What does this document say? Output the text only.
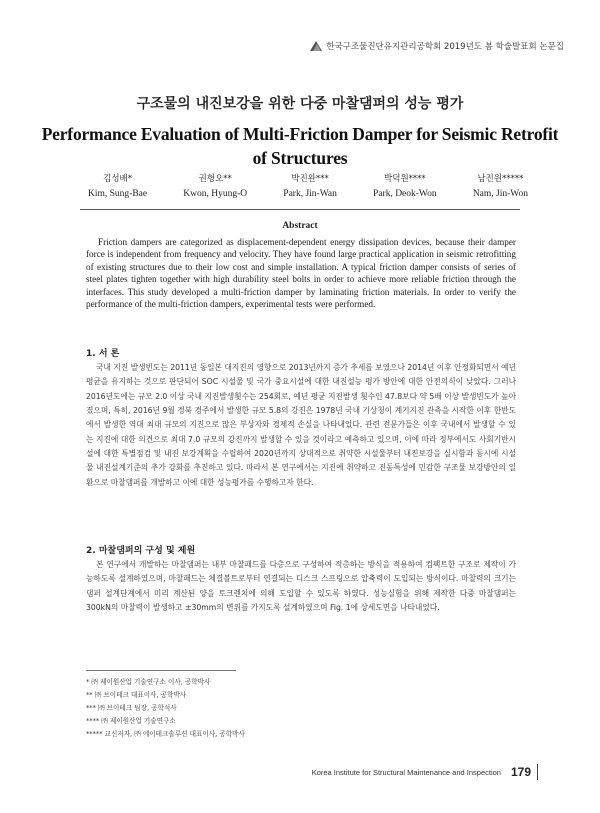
한국구조물진단유지관리공학회 2019년도 봄 학술발표회 논문집
구조물의 내진보강을 위한 다중 마찰댐퍼의 성능 평가
Performance Evaluation of Multi-Friction Damper for Seismic Retrofit of Structures
김성배*
Kim, Sung-Bae
권형오**
Kwon, Hyung-O
박진완***
Park, Jin-Wan
박덕원****
Park, Deok-Won
남진원*****
Nam, Jin-Won
Abstract

Friction dampers are categorized as displacement-dependent energy dissipation devices, because their damper force is independent from frequency and velocity. They have found large practical application in seismic retrofitting of existing structures due to their low cost and simple installation. A typical friction damper consists of series of steel plates tighten together with high durability steel bolts in order to achieve more reliable friction through the interfaces. This study developed a multi-friction damper by laminating friction materials. In order to verify the performance of the multi-friction dampers, experimental tests were performed.

1. 서 론

국내 지진 발생빈도는 2011년 동일본 대지진의 영향으로 2013년까지 증가 추세를 보였으나 2014년 이후 안정화되면서 예년 평균을 유지하는 것으로 판단되어 SOC 시설물 및 국가 중요시설에 대한 내진설능 평가 방안에 대한 안전의식이 낮았다. 그러나 2016년도에는 규모 2.0 이상 국내 지진발생횟수는 254회로, 예년 평균 지진발생 횟수인 47.8보다 약 5배 이상 발생빈도가 높아졌으며, 특히, 2016년 9월 경북 경주에서 발생한 규모 5.8의 강진은 1978년 국내 기상청이 계기지진 관측을 시작한 이후 한반도에서 발생한 역대 최대 규모의 지진으로 많은 부상자와 경제적 손실을 나타내었다. 관련 전문가들은 이후 국내에서 발생할 수 있는 지진에 대한 의견으로 최대 7.0 규모의 강진까지 발생할 수 있을 것이라고 예측하고 있으며, 이에 따라 정부에서도 사회기반시설에 대한 특별점검 및 내진 보강계획을 수립하여 2020년까지 상대적으로 취약한 시설물부터 내진보강을 실시함과 동시에 시설물 내진설계기준의 추가 강화를 추진하고 있다. 따라서 본 연구에서는 지진에 취약하고 진동특성에 민감한 구조물 보강방안의 일환으로 마찰댐퍼를 개발하고 이에 대한 성능평가를 수행하고자 한다.

2. 마찰댐퍼의 구성 및 제원

본 연구에서 개발하는 마찰댐퍼는 내부 마찰패드를 다층으로 구성하여 적층하는 방식을 적용하여 컴팩트한 구조로 제작이 가능하도록 설계하였으며, 마찰패드는 체결볼트로부터 연결되는 디스크 스프링으로 압축력이 도입되는 방식이다. 마찰력의 크기는 댐퍼 설계단계에서 미리 계산된 양을 토크렌치에 의해 도입할 수 있도록 하였다. 성능실험을 위해 제작한 다중 마찰댐퍼는 300kN의 마찰력이 발생하고 ±30mm의 변위를 가지도록 설계하였으며 Fig. 1에 상세도면을 나타내었다.

* ㈜ 제이원산업 기술연구소 이사, 공학박사
** ㈜ 브이테크 대표이사, 공학박사
*** ㈜ 브이테크 팀장, 공학석사
**** ㈜ 제이원산업 기술연구소
***** 교신저자, ㈜ 에이테크솔루션 대표이사, 공학박사
Korea Institute for Structural Maintenance and Inspection 179
